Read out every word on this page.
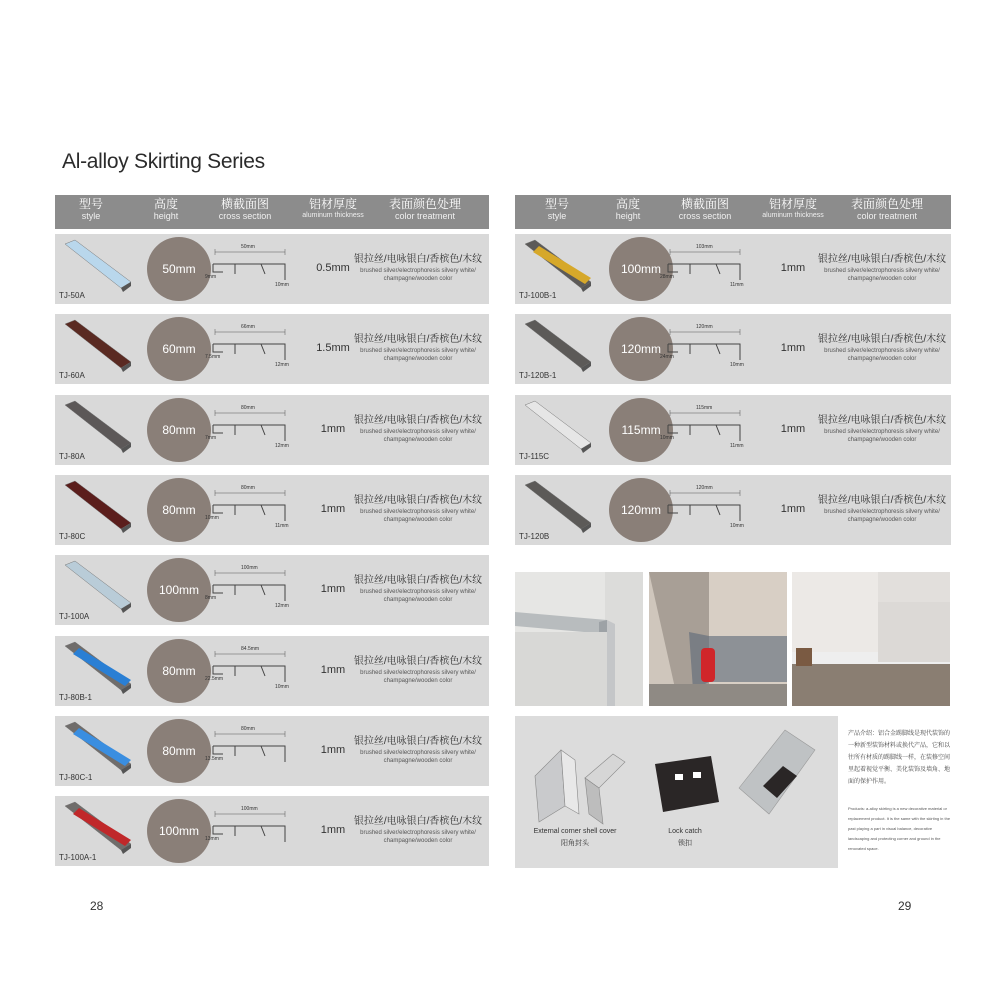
Al-alloy Skirting Series
型号
style
高度
height
横截面图
cross section
铝材厚度
aluminum thickness
表面颜色处理
color treatment
型号
style
高度
height
横截面图
cross section
铝材厚度
aluminum thickness
表面颜色处理
color treatment
TJ-50A
50mm
50mm
9mm
10mm
0.5mm
银拉丝/电咏银白/香槟色/木纹
brushed silver/electrophoresis silvery white/
champagne/wooden color
TJ-60A
60mm
66mm
7.5mm
12mm
1.5mm
银拉丝/电咏银白/香槟色/木纹
brushed silver/electrophoresis silvery white/
champagne/wooden color
TJ-80A
80mm
80mm
7mm
12mm
1mm
银拉丝/电咏银白/香槟色/木纹
brushed silver/electrophoresis silvery white/
champagne/wooden color
TJ-80C
80mm
80mm
10mm
11mm
1mm
银拉丝/电咏银白/香槟色/木纹
brushed silver/electrophoresis silvery white/
champagne/wooden color
TJ-100A
100mm
100mm
8mm
12mm
1mm
银拉丝/电咏银白/香槟色/木纹
brushed silver/electrophoresis silvery white/
champagne/wooden color
TJ-80B-1
80mm
84.5mm
22.5mm
10mm
1mm
银拉丝/电咏银白/香槟色/木纹
brushed silver/electrophoresis silvery white/
champagne/wooden color
TJ-80C-1
80mm
80mm
13.5mm
1mm
银拉丝/电咏银白/香槟色/木纹
brushed silver/electrophoresis silvery white/
champagne/wooden color
TJ-100A-1
100mm
100mm
13mm
1mm
银拉丝/电咏银白/香槟色/木纹
brushed silver/electrophoresis silvery white/
champagne/wooden color
TJ-100B-1
100mm
103mm
28mm
11mm
1mm
银拉丝/电咏银白/香槟色/木纹
brushed silver/electrophoresis silvery white/
champagne/wooden color
TJ-120B-1
120mm
120mm
24mm
10mm
1mm
银拉丝/电咏银白/香槟色/木纹
brushed silver/electrophoresis silvery white/
champagne/wooden color
TJ-115C
115mm
115mm
10mm
11mm
1mm
银拉丝/电咏银白/香槟色/木纹
brushed silver/electrophoresis silvery white/
champagne/wooden color
TJ-120B
120mm
120mm
10mm
1mm
银拉丝/电咏银白/香槟色/木纹
brushed silver/electrophoresis silvery white/
champagne/wooden color
External corner shell cover
阳角封头
Lock catch
锁扣
产品介绍：铝合金踢脚线是现代装饰的一种新型装饰材料或换代产品，它和以往所有材质的踢脚线一样，在装修空间里起着视觉平衡、美化装饰及墙角、地面的保护作用。
Products: a-alloy skirting is a new decorative material or replacement product. It is the same with the skirting in the past playing a part in visual balance, decorative landscaping and protecting corner and ground in the renovated space.
28	29
